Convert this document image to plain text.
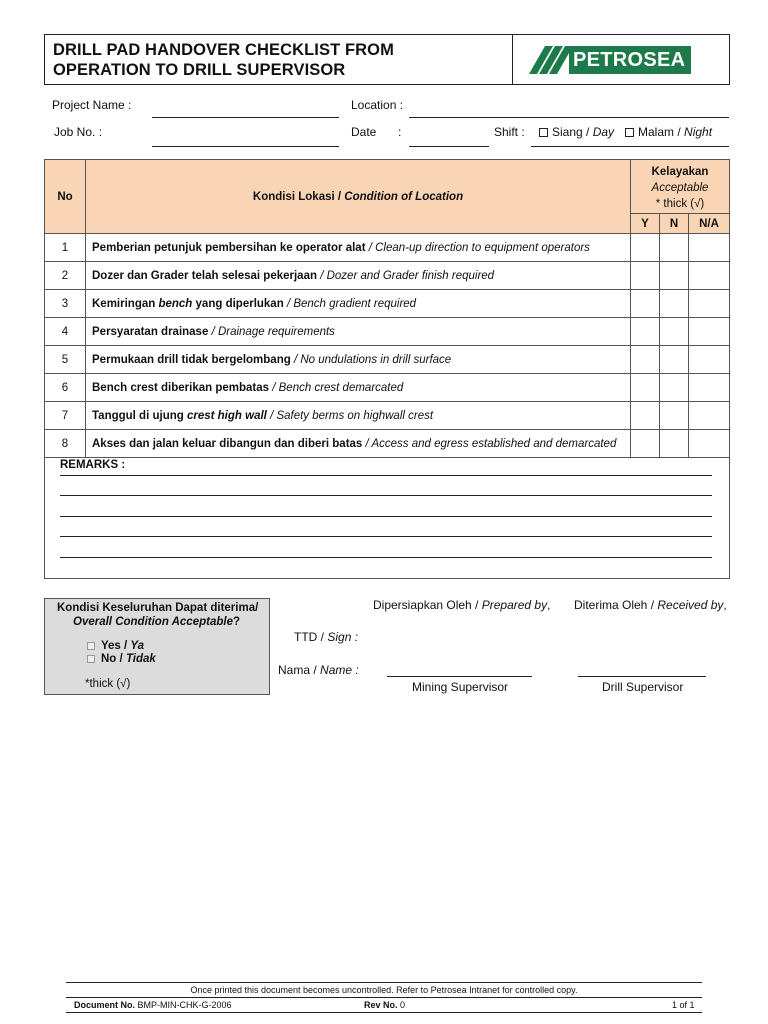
DRILL PAD HANDOVER CHECKLIST FROM
OPERATION TO DRILL SUPERVISOR	PETROSEA
Project Name :	Location :
Job No. :	Date :	Shift :	Siang / Day	Malam / Night
No	Kondisi Lokasi / Condition of Location	Kelayakan
Acceptable
* thick (√)		

		Y	N	N/A
1	Pemberian petunjuk pembersihan ke operator alat / Clean-up direction to equipment operators			
2	Dozer dan Grader telah selesai pekerjaan / Dozer and Grader finish required			
3	Kemiringan bench yang diperlukan / Bench gradient required			
4	Persyaratan drainase / Drainage requirements			
5	Permukaan drill tidak bergelombang / No undulations in drill surface			
6	Bench crest diberikan pembatas / Bench crest demarcated			
7	Tanggul di ujung crest high wall / Safety berms on highwall crest			
8	Akses dan jalan keluar dibangun dan diberi batas / Access and egress established and demarcated			
REMARKS :
Kondisi Keseluruhan Dapat diterima/
Overall Condition Acceptable?
Yes / Ya
No / Tidak
*thick (√)
Dipersiapkan Oleh / Prepared by, Diterima Oleh / Received by,
TTD / Sign :
Nama / Name :
Mining Supervisor	Drill Supervisor
Once printed this document becomes uncontrolled. Refer to Petrosea Intranet for controlled copy.
Document No. BMP-MIN-CHK-G-2006	Rev No. 0	1 of 1
